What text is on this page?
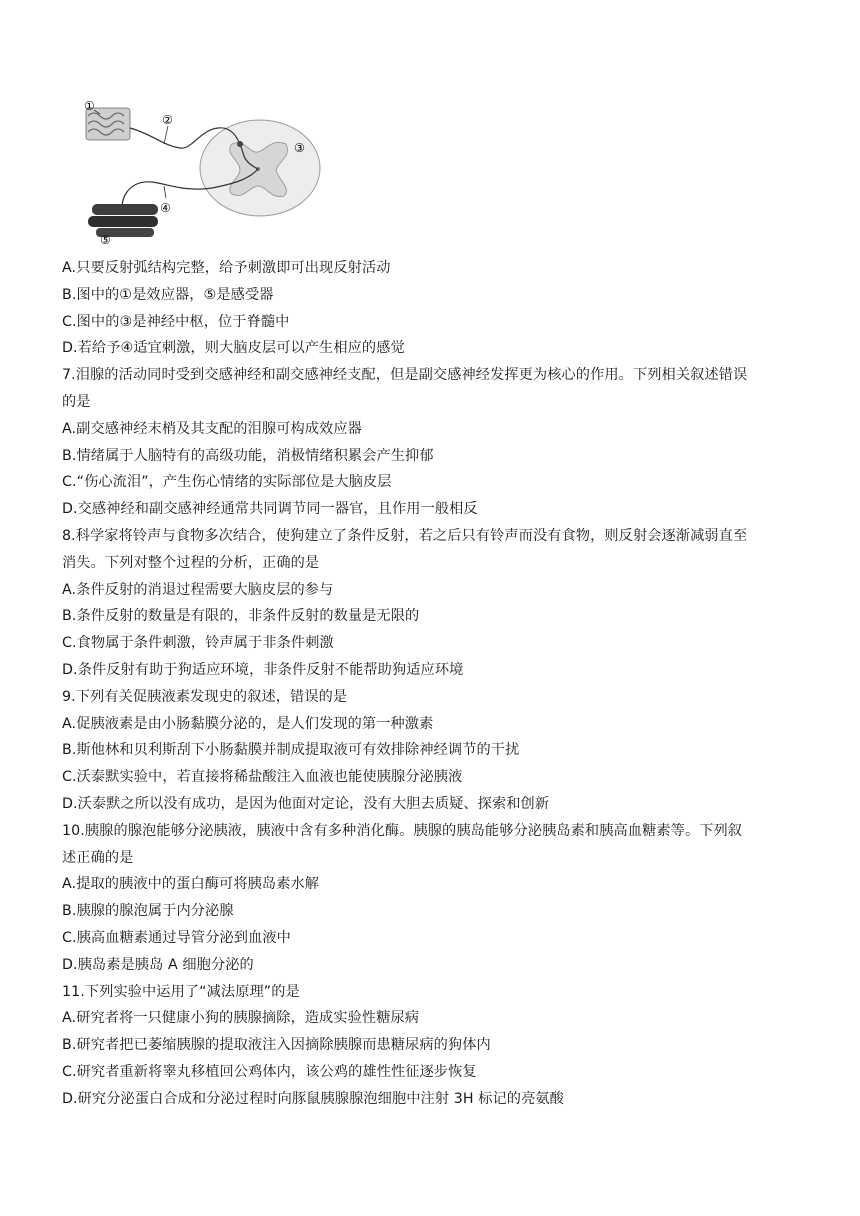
①
②
③
④
⑤
A.只要反射弧结构完整，给予刺激即可出现反射活动
B.图中的①是效应器，⑤是感受器
C.图中的③是神经中枢，位于脊髓中
D.若给予④适宜刺激，则大脑皮层可以产生相应的感觉
7.泪腺的活动同时受到交感神经和副交感神经支配，但是副交感神经发挥更为核心的作用。下列相关叙述错误
的是
A.副交感神经末梢及其支配的泪腺可构成效应器
B.情绪属于人脑特有的高级功能，消极情绪积累会产生抑郁
C.“伤心流泪”，产生伤心情绪的实际部位是大脑皮层
D.交感神经和副交感神经通常共同调节同一器官，且作用一般相反
8.科学家将铃声与食物多次结合，使狗建立了条件反射，若之后只有铃声而没有食物，则反射会逐渐减弱直至
消失。下列对整个过程的分析，正确的是
A.条件反射的消退过程需要大脑皮层的参与
B.条件反射的数量是有限的，非条件反射的数量是无限的
C.食物属于条件刺激，铃声属于非条件刺激
D.条件反射有助于狗适应环境，非条件反射不能帮助狗适应环境
9.下列有关促胰液素发现史的叙述，错误的是
A.促胰液素是由小肠黏膜分泌的，是人们发现的第一种激素
B.斯他林和贝利斯刮下小肠黏膜并制成提取液可有效排除神经调节的干扰
C.沃泰默实验中，若直接将稀盐酸注入血液也能使胰腺分泌胰液
D.沃泰默之所以没有成功，是因为他面对定论，没有大胆去质疑、探索和创新
10.胰腺的腺泡能够分泌胰液，胰液中含有多种消化酶。胰腺的胰岛能够分泌胰岛素和胰高血糖素等。下列叙
述正确的是
A.提取的胰液中的蛋白酶可将胰岛素水解
B.胰腺的腺泡属于内分泌腺
C.胰高血糖素通过导管分泌到血液中
D.胰岛素是胰岛 A 细胞分泌的
11.下列实验中运用了“减法原理”的是
A.研究者将一只健康小狗的胰腺摘除，造成实验性糖尿病
B.研究者把已萎缩胰腺的提取液注入因摘除胰腺而患糖尿病的狗体内
C.研究者重新将睾丸移植回公鸡体内，该公鸡的雄性性征逐步恢复
D.研究分泌蛋白合成和分泌过程时向豚鼠胰腺腺泡细胞中注射 3H 标记的亮氨酸
